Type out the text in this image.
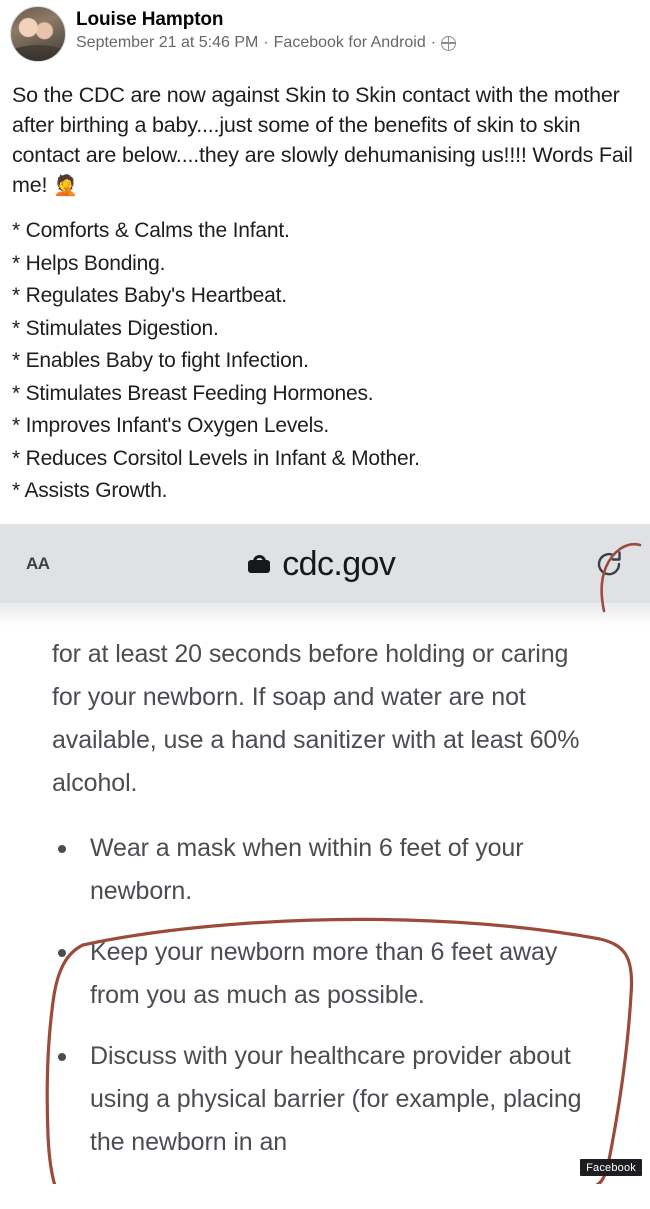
Louise Hampton
September 21 at 5:46 PM · Facebook for Android ·

So the CDC are now against Skin to Skin contact with the mother after birthing a baby....just some of the benefits of skin to skin contact are below....they are slowly dehumanising us!!!! Words Fail me! 🤦

* Comforts & Calms the Infant.
* Helps Bonding.
* Regulates Baby's Heartbeat.
* Stimulates Digestion.
* Enables Baby to fight Infection.
* Stimulates Breast Feeding Hormones.
* Improves Infant's Oxygen Levels.
* Reduces Corsitol Levels in Infant & Mother.
* Assists Growth.
AA	cdc.gov

for at least 20 seconds before holding or caring for your newborn. If soap and water are not available, use a hand sanitizer with at least 60% alcohol.

Wear a mask when within 6 feet of your newborn.
Keep your newborn more than 6 feet away from you as much as possible.
Discuss with your healthcare provider about using a physical barrier (for example, placing the newborn in an
Facebook
